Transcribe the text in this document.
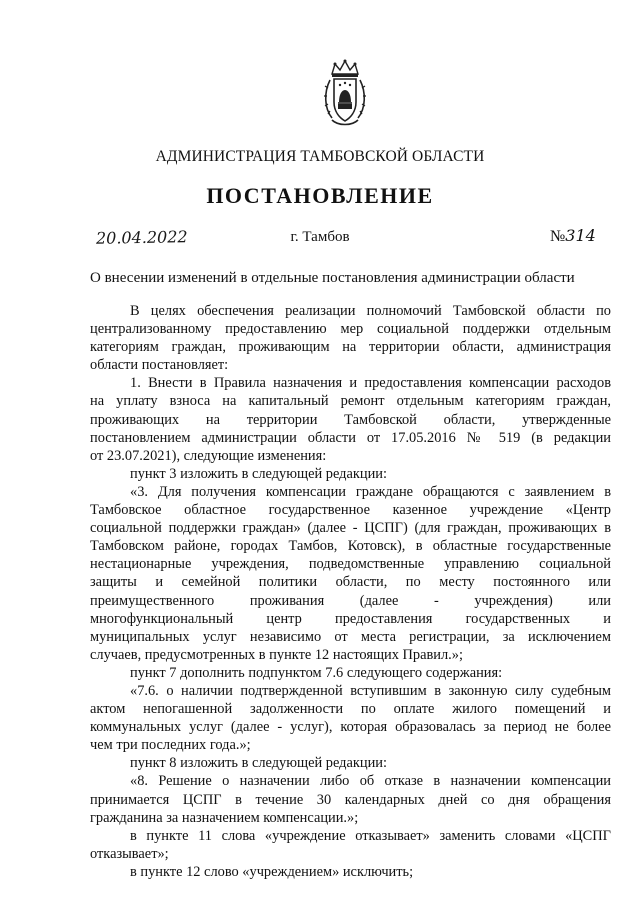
АДМИНИСТРАЦИЯ ТАМБОВСКОЙ ОБЛАСТИ
ПОСТАНОВЛЕНИЕ
20.04.2022	г. Тамбов	№314
О внесении изменений в отдельные постановления администрации области
В целях обеспечения реализации полномочий Тамбовской области по
централизованному предоставлению мер социальной поддержки отдельным
категориям граждан, проживающим на территории области, администрация
области постановляет:
1. Внести в Правила назначения и предоставления компенсации расходов
на уплату взноса на капитальный ремонт отдельным категориям граждан,
проживающих на территории Тамбовской области, утвержденные
постановлением администрации области от 17.05.2016 № 519 (в редакции
от 23.07.2021), следующие изменения:
пункт 3 изложить в следующей редакции:
«3. Для получения компенсации граждане обращаются с заявлением в
Тамбовское областное государственное казенное учреждение «Центр
социальной поддержки граждан» (далее - ЦСПГ) (для граждан, проживающих в
Тамбовском районе, городах Тамбов, Котовск), в областные государственные
нестационарные учреждения, подведомственные управлению социальной
защиты и семейной политики области, по месту постоянного или
преимущественного проживания (далее - учреждения) или
многофункциональный центр предоставления государственных и
муниципальных услуг независимо от места регистрации, за исключением
случаев, предусмотренных в пункте 12 настоящих Правил.»;
пункт 7 дополнить подпунктом 7.6 следующего содержания:
«7.6. о наличии подтвержденной вступившим в законную силу судебным
актом непогашенной задолженности по оплате жилого помещений и
коммунальных услуг (далее - услуг), которая образовалась за период не более
чем три последних года.»;
пункт 8 изложить в следующей редакции:
«8. Решение о назначении либо об отказе в назначении компенсации
принимается ЦСПГ в течение 30 календарных дней со дня обращения
гражданина за назначением компенсации.»;
в пункте 11 слова «учреждение отказывает» заменить словами «ЦСПГ
отказывает»;
в пункте 12 слово «учреждением» исключить;
